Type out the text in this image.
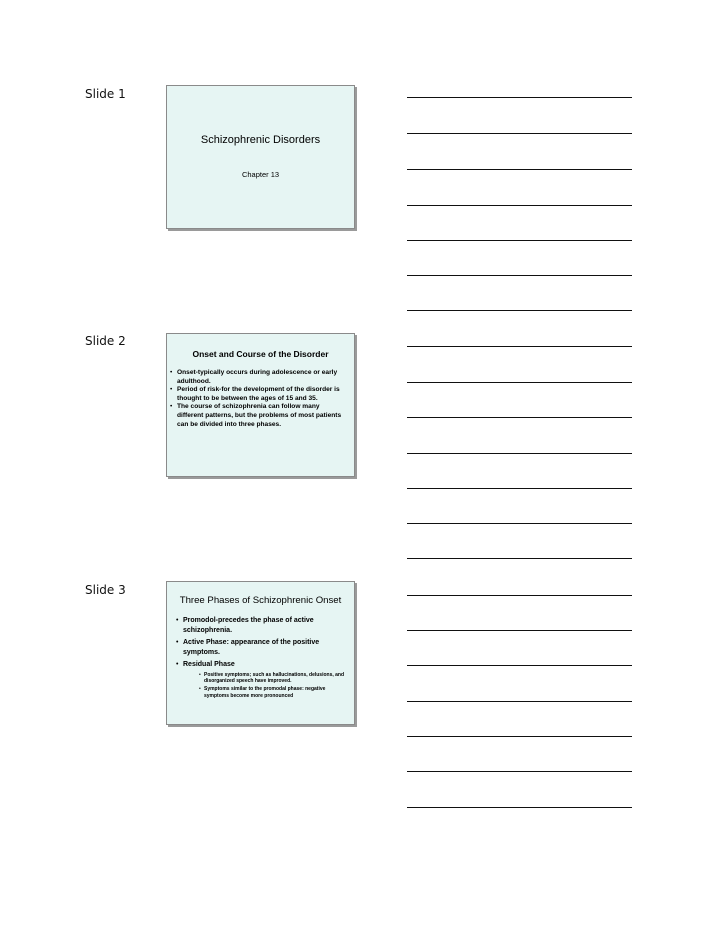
Slide 1
Schizophrenic Disorders
Chapter 13
Slide 2
Onset and Course of the Disorder
• Onset-typically occurs during adolescence or early adulthood.
• Period of risk-for the development of the disorder is thought to be between the ages of 15 and 35.
• The course of schizophrenia can follow many different patterns, but the problems of most patients can be divided into three phases.
Slide 3
Three Phases of Schizophrenic Onset
• Promodol-precedes the phase of active schizophrenia.
• Active Phase: appearance of the positive symptoms.
• Residual Phase
• Positive symptoms; such as hallucinations, delusions, and disorganized speech have improved.
• Symptoms similar to the promodal phase: negative symptoms become more pronounced
